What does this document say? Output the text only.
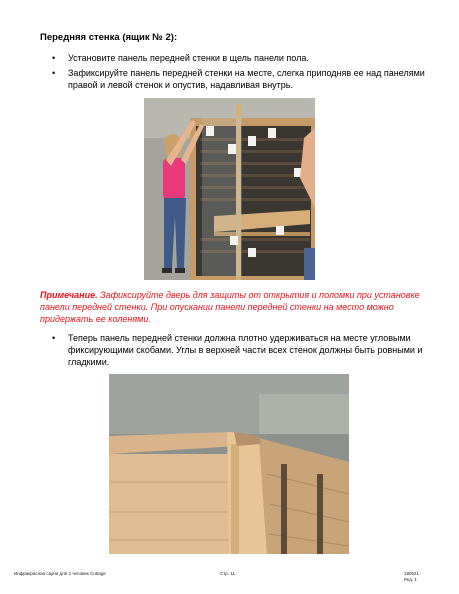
Передняя стенка (ящик № 2):
• Установите панель передней стенки в щель панели пола.
• Зафиксируйте панель передней стенки на месте, слегка приподняв ее над панелями правой и левой стенок и опустив, надавливая внутрь.
Примечание. Зафиксируйте дверь для защиты от открытия и поломки при установке панели передней стенки. При опускании панели передней стенки на место можно придержать ее коленями.
• Теперь панель передней стенки должна плотно удерживаться на месте угловыми фиксирующими скобами. Углы в верхней части всех стенок должны быть ровными и гладкими.
Инфракрасная сауна для 2 человек Cottage	Стр. 11	180521
Ред. 1
